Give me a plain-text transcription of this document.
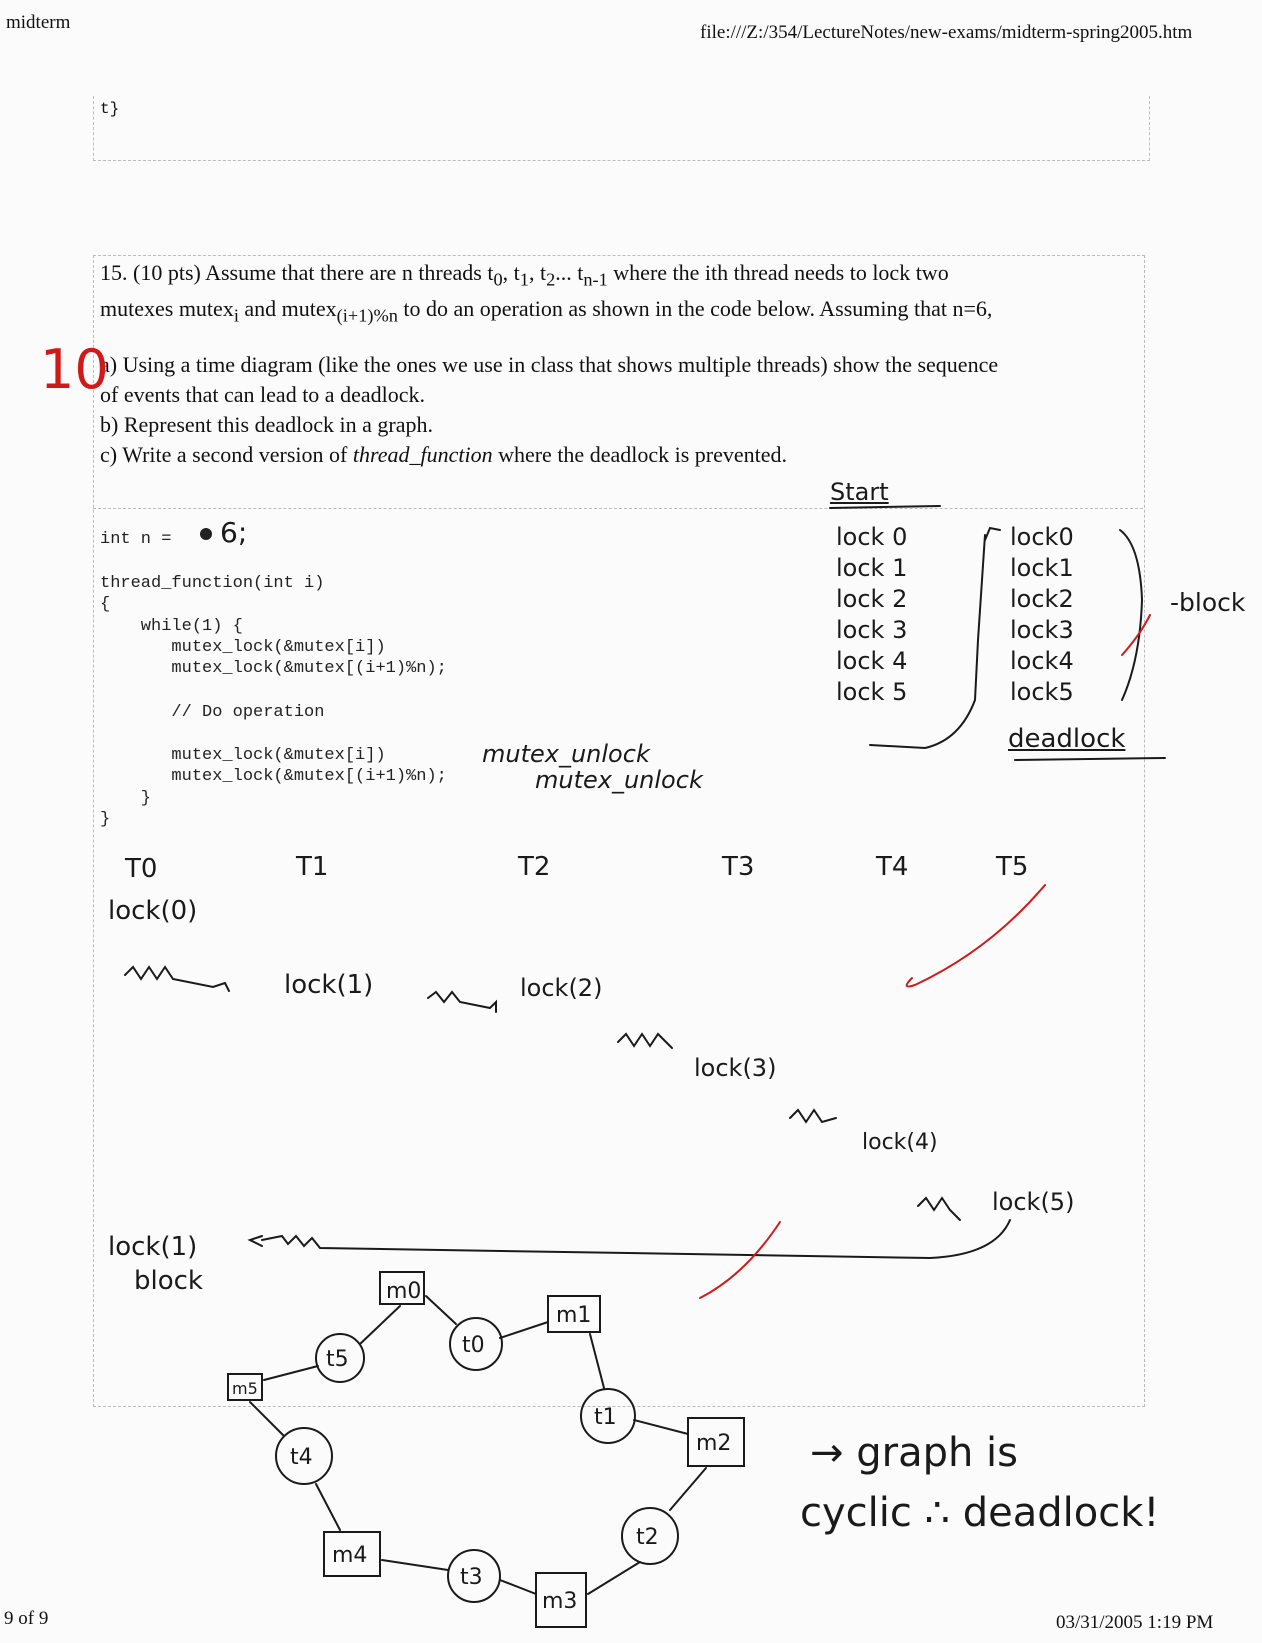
midterm	file:///Z:/354/LectureNotes/new-exams/midterm-spring2005.htm
9 of 9	03/31/2005 1:19 PM
t}
15. (10 pts) Assume that there are n threads $t_0$, $t_1$, $t_2$... $t_{n-1}$ where the ith thread needs to lock two
mutexes mutex$_i$ and mutex$_{(i+1)\%n}$ to do an operation as shown in the code below. Assuming that n=6,
a) Using a time diagram (like the ones we use in class that shows multiple threads) show the sequence
of events that can lead to a deadlock.
b) Represent this deadlock in a graph.
c) Write a second version of thread_function where the deadlock is prevented.
int n =
thread_function(int i)
{
while(1) {
mutex_lock(&mutex[i])
mutex_lock(&mutex[(i+1)%n);
// Do operation
mutex_lock(&mutex[i])
mutex_lock(&mutex[(i+1)%n);
}
}
10
6;
mutex_unlock
mutex_unlock
Start
lock 0
lock 1
lock 2
lock 3
lock 4
lock 5
lock0
lock1
lock2
lock3
lock4
lock5
-block
deadlock
T0	T1	T2	T3	T4	T5
lock(0)
lock(1)	lock(2)
lock(3)
lock(4)
lock(5)
lock(1)
block
→ graph is
cyclic ∴ deadlock!
m0
t0
m1
t1
m2
t2
m3
t3
m4
t4
m5
t5
